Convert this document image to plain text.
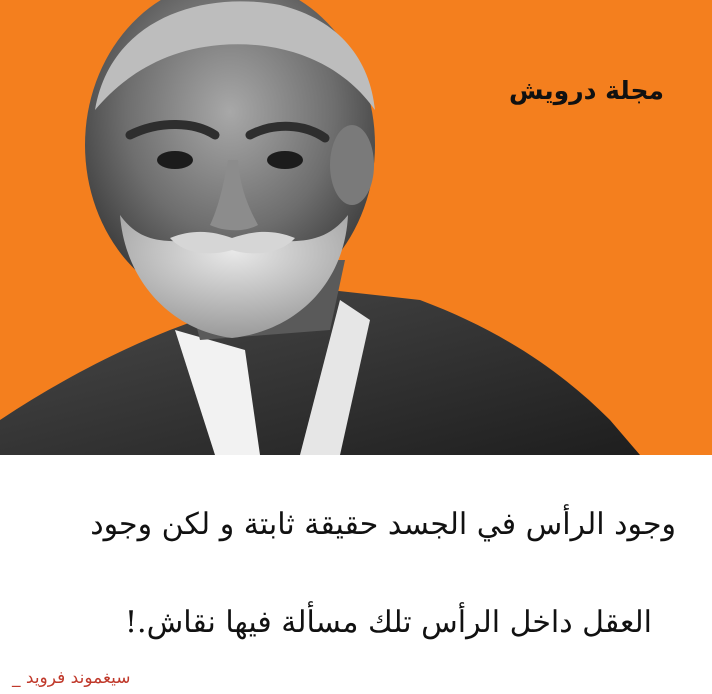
مجلة درويش
وجود الرأس في الجسد حقيقة ثابتة و لكن وجود
العقل داخل الرأس تلك مسألة فيها نقاش.!
سيغموند فرويد _
